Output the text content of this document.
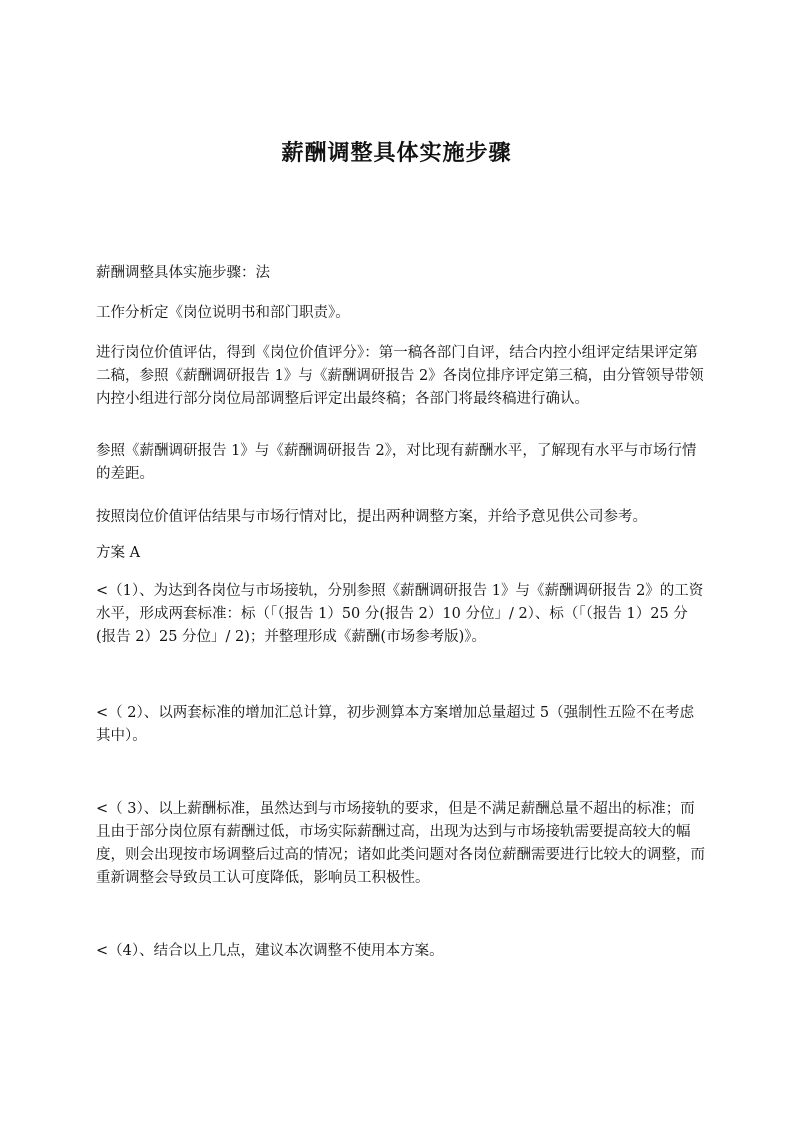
薪酬调整具体实施步骤
薪酬调整具体实施步骤：法
工作分析定《岗位说明书和部门职责》。
进行岗位价值评估，得到《岗位价值评分》：第一稿各部门自评，结合内控小组评定结果评定第二稿，参照《薪酬调研报告 1》与《薪酬调研报告 2》各岗位排序评定第三稿，由分管领导带领内控小组进行部分岗位局部调整后评定出最终稿；各部门将最终稿进行确认。
参照《薪酬调研报告 1》与《薪酬调研报告 2》，对比现有薪酬水平，了解现有水平与市场行情的差距。
按照岗位价值评估结果与市场行情对比，提出两种调整方案，并给予意见供公司参考。
方案 A
<（1）、为达到各岗位与市场接轨，分别参照《薪酬调研报告 1》与《薪酬调研报告 2》的工资水平，形成两套标准：标（「（报告 1）50 分(报告 2）10 分位」/ 2）、标（「（报告 1）25 分(报告 2）25 分位」/ 2)；并整理形成《薪酬(市场参考版)》。
<（ 2）、以两套标准的增加汇总计算，初步测算本方案增加总量超过 5（强制性五险不在考虑其中）。
<（ 3）、以上薪酬标准，虽然达到与市场接轨的要求，但是不满足薪酬总量不超出的标准；而且由于部分岗位原有薪酬过低，市场实际薪酬过高，出现为达到与市场接轨需要提高较大的幅度，则会出现按市场调整后过高的情况；诸如此类问题对各岗位薪酬需要进行比较大的调整，而重新调整会导致员工认可度降低，影响员工积极性。
<（4）、结合以上几点，建议本次调整不使用本方案。
